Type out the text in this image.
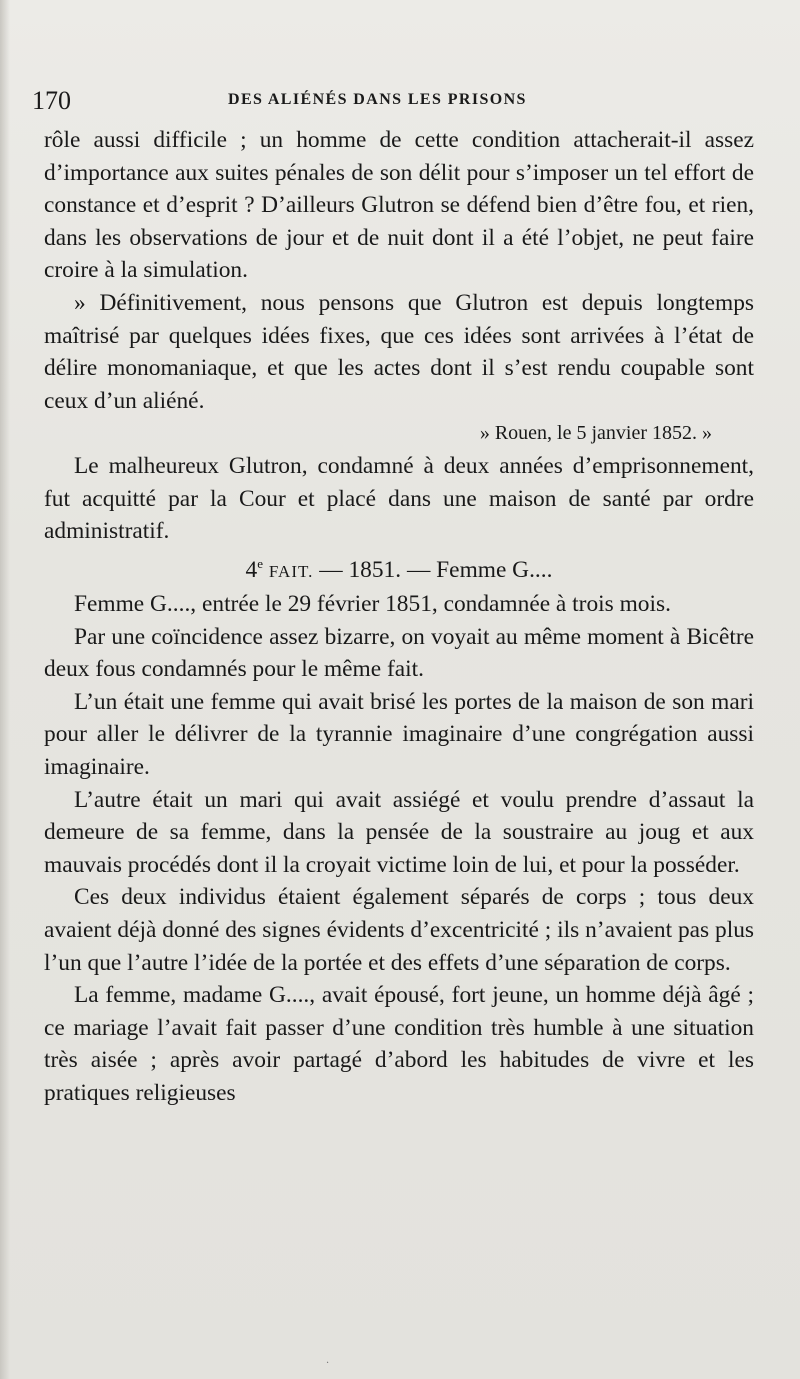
170	DES ALIÉNÉS DANS LES PRISONS

rôle aussi difficile ; un homme de cette condition attacherait-il assez d’importance aux suites pénales de son délit pour s’imposer un tel effort de constance et d’esprit ? D’ailleurs Glutron se défend bien d’être fou, et rien, dans les observations de jour et de nuit dont il a été l’objet, ne peut faire croire à la simulation.

» Définitivement, nous pensons que Glutron est depuis longtemps maîtrisé par quelques idées fixes, que ces idées sont arrivées à l’état de délire monomaniaque, et que les actes dont il s’est rendu coupable sont ceux d’un aliéné.

» Rouen, le 5 janvier 1852. »

Le malheureux Glutron, condamné à deux années d’emprisonnement, fut acquitté par la Cour et placé dans une maison de santé par ordre administratif.

4e FAIT. — 1851. — Femme G....

Femme G...., entrée le 29 février 1851, condamnée à trois mois.

Par une coïncidence assez bizarre, on voyait au même moment à Bicêtre deux fous condamnés pour le même fait.

L’un était une femme qui avait brisé les portes de la maison de son mari pour aller le délivrer de la tyrannie imaginaire d’une congrégation aussi imaginaire.

L’autre était un mari qui avait assiégé et voulu prendre d’assaut la demeure de sa femme, dans la pensée de la soustraire au joug et aux mauvais procédés dont il la croyait victime loin de lui, et pour la posséder.

Ces deux individus étaient également séparés de corps ; tous deux avaient déjà donné des signes évidents d’excentricité ; ils n’avaient pas plus l’un que l’autre l’idée de la portée et des effets d’une séparation de corps.

La femme, madame G...., avait épousé, fort jeune, un homme déjà âgé ; ce mariage l’avait fait passer d’une condition très humble à une situation très aisée ; après avoir partagé d’abord les habitudes de vivre et les pratiques religieuses

·
